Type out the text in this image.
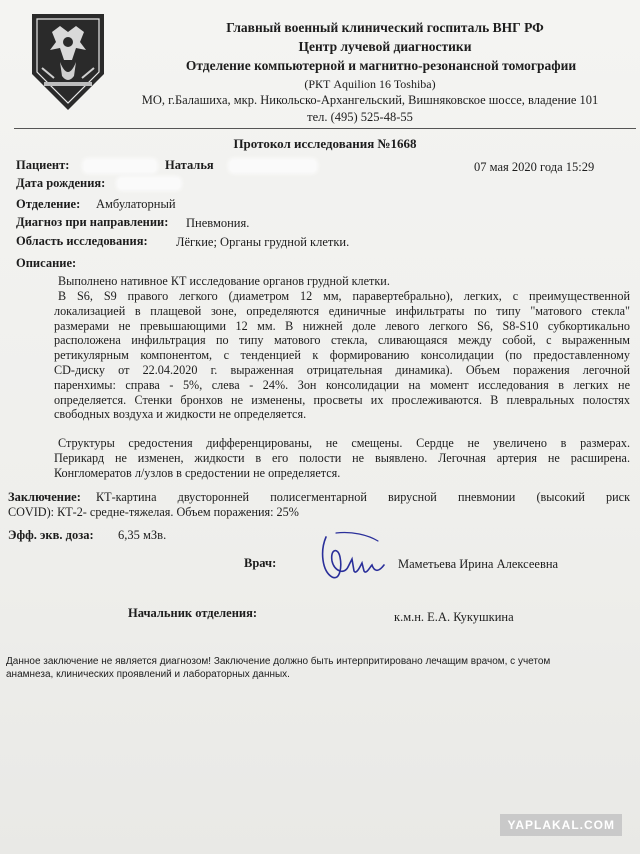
Главный военный клинический госпиталь ВНГ РФ
Центр лучевой диагностики
Отделение компьютерной и магнитно-резонансной томографии
(РКТ Aquilion 16 Toshiba)
МО, г.Балашиха, мкр. Никольско-Архангельский, Вишняковское шоссе, владение 101
тел. (495) 525-48-55
Протокол исследования №1668
Пациент:	Наталья	07 мая 2020 года 15:29
Дата рождения:
Отделение: Амбулаторный
Диагноз при направлении: Пневмония.
Область исследования: Лёгкие; Органы грудной клетки.
Описание:
Выполнено нативное КТ исследование органов грудной клетки.
В S6, S9 правого легкого (диаметром 12 мм, паравертебрально), легких, с преимущественной
локализацией в плащевой зоне, определяются единичные инфильтраты по типу "матового стекла"
размерами не превышающими 12 мм. В нижней доле левого легкого S6, S8-S10 субкортикально
расположена инфильтрация по типу матового стекла, сливающаяся между собой, с выраженным
ретикулярным компонентом, с тенденцией к формированию консолидации (по предоставленному
CD-диску от 22.04.2020 г. выраженная отрицательная динамика). Объем поражения легочной
паренхимы: справа - 5%, слева - 24%. Зон консолидации на момент исследования в легких не
определяется. Стенки бронхов не изменены, просветы их прослеживаются. В плевральных полостях
свободных воздуха и жидкости не определяется.
Структуры средостения дифференцированы, не смещены. Сердце не увеличено в размерах.
Перикард не изменен, жидкости в его полости не выявлено. Легочная артерия не расширена.
Конгломератов л/узлов в средостении не определяется.
Заключение: КТ-картина двусторонней полисегментарной вирусной пневмонии (высокий риск
COVID): КТ-2- средне-тяжелая. Объем поражения: 25%
Эфф. экв. доза: 6,35 мЗв.
Врач:	Маметьева Ирина Алексеевна
Начальник отделения:	к.м.н. Е.А. Кукушкина
Данное заключение не является диагнозом! Заключение должно быть интерпритировано лечащим врачом, с учетом
анамнеза, клинических проявлений и лабораторных данных.
YAPLAKAL.COM
